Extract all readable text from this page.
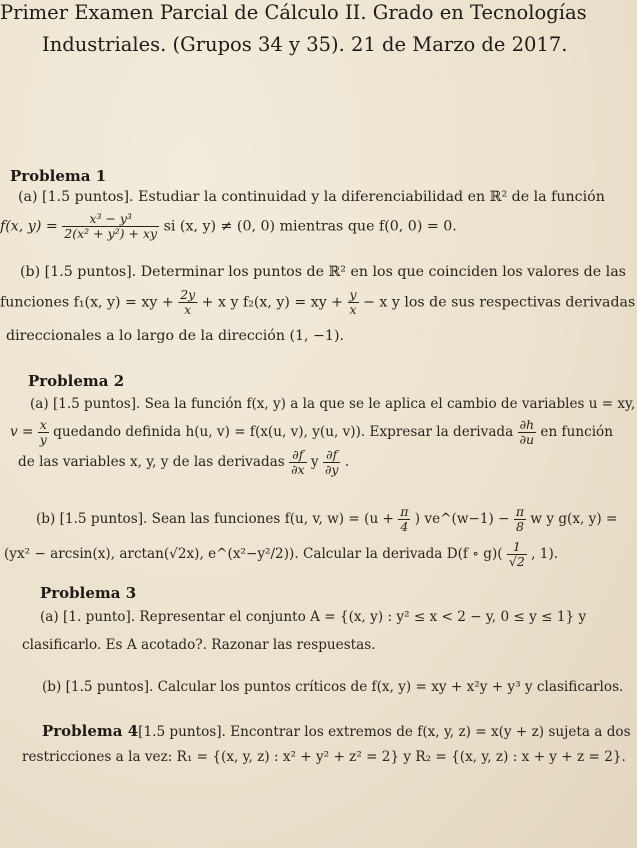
Primer Examen Parcial de Cálculo II. Grado en Tecnologías
Industriales. (Grupos 34 y 35). 21 de Marzo de 2017.
Problema 1
(a) [1.5 puntos]. Estudiar la continuidad y la diferenciabilidad en ℝ² de la función
f(x, $y) = \frac{\text{x³ − y³}}{\text{2(x² + y²) + xy}}$ si (x, y) ≠ (0, 0) mientras que f(0, 0) = 0.
(b) [1.5 puntos]. Determinar los puntos de ℝ² en los que coinciden los valores de las
funciones f₁(x, y) = xy + $\frac{2y}{x} + x$ y f₂(x, y) = xy + $\frac{y}{x} - x$ y los de sus respectivas derivadas
direccionales a lo largo de la dirección (1, −1).
Problema 2
(a) [1.5 puntos]. Sea la función f(x, y) a la que se le aplica el cambio de variables u = xy,
$v = \frac{x}{y}$ quedando definida h(u, v) = f(x(u, v), y(u, v)). Expresar la derivada $\frac{\partial h}{\partial u}$ en función
de las variables x, y, y de las derivadas $\frac{\partial f}{\partial x}$ y $\frac{\partial f}{\partial y}$ .
(b) [1.5 puntos]. Sean las funciones f(u, v, $w) = (u + \frac{\pi}{4}$ ) ve^(w−1) − $\frac{\pi}{8}$ w y g(x, y) =
(yx² − arcsin(x), arctan(√2x), e^(x²−y²/2)). Calcular la derivada D(f ∘ $g)( \frac{1}{√2}$ , 1).
Problema 3
(a) [1. punto]. Representar el conjunto A = {(x, y) : y² ≤ x < 2 − y, 0 ≤ y ≤ 1} y
clasificarlo. Es A acotado?. Razonar las respuestas.
(b) [1.5 puntos]. Calcular los puntos críticos de f(x, y) = xy + x²y + y³ y clasificarlos.
Problema 4[1.5 puntos]. Encontrar los extremos de f(x, y, z) = x(y + z) sujeta a dos
restricciones a la vez: R₁ = {(x, y, z) : x² + y² + z² = 2} y R₂ = {(x, y, z) : x + y + z = 2}.
